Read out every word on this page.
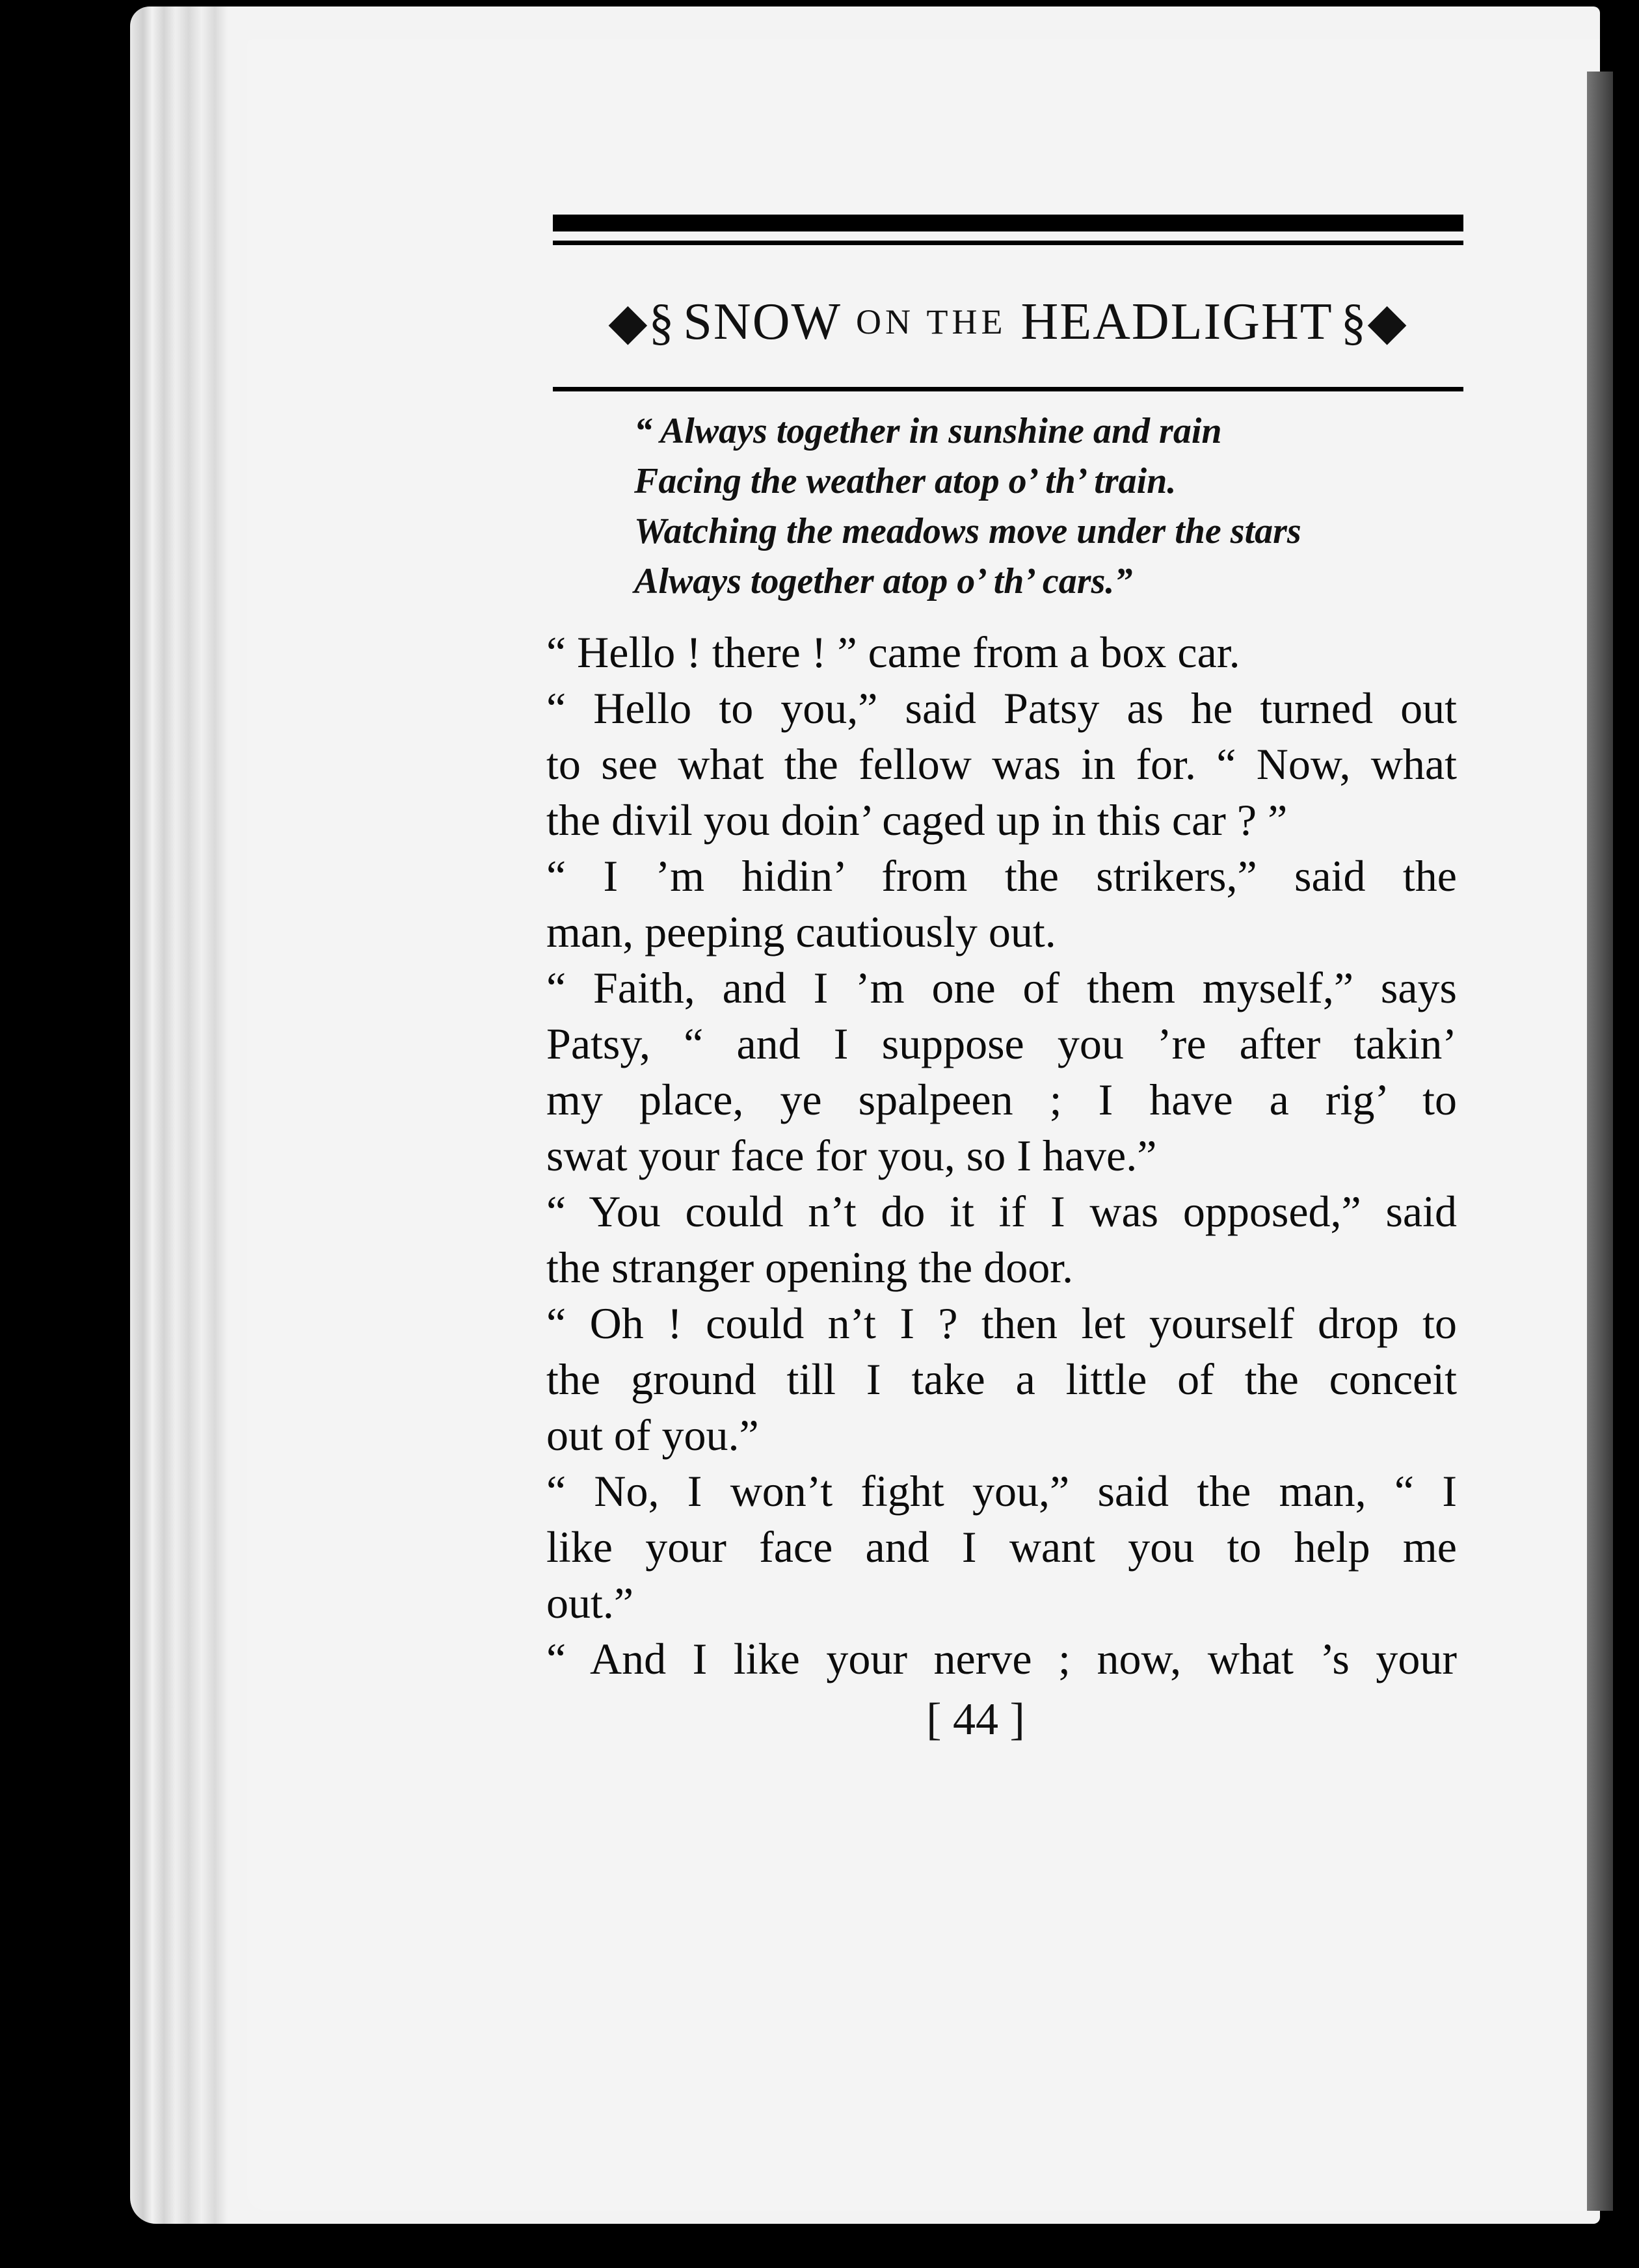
◆§ SNOW ON THE HEADLIGHT §◆
“ Always together in sunshine and rain
Facing the weather atop o’ th’ train.
Watching the meadows move under the stars
Always together atop o’ th’ cars.”
“ Hello ! there ! ” came from a box car.
“ Hello to you,” said Patsy as he turned out
to see what the fellow was in for. “ Now, what
the divil you doin’ caged up in this car ? ”
“ I ’m hidin’ from the strikers,” said the
man, peeping cautiously out.
“ Faith, and I ’m one of them myself,” says
Patsy, “ and I suppose you ’re after takin’
my place, ye spalpeen ; I have a rig’ to
swat your face for you, so I have.”
“ You could n’t do it if I was opposed,” said
the stranger opening the door.
“ Oh ! could n’t I ? then let yourself drop to
the ground till I take a little of the conceit
out of you.”
“ No, I won’t fight you,” said the man, “ I
like your face and I want you to help me
out.”
“ And I like your nerve ; now, what ’s your
[ 44 ]
